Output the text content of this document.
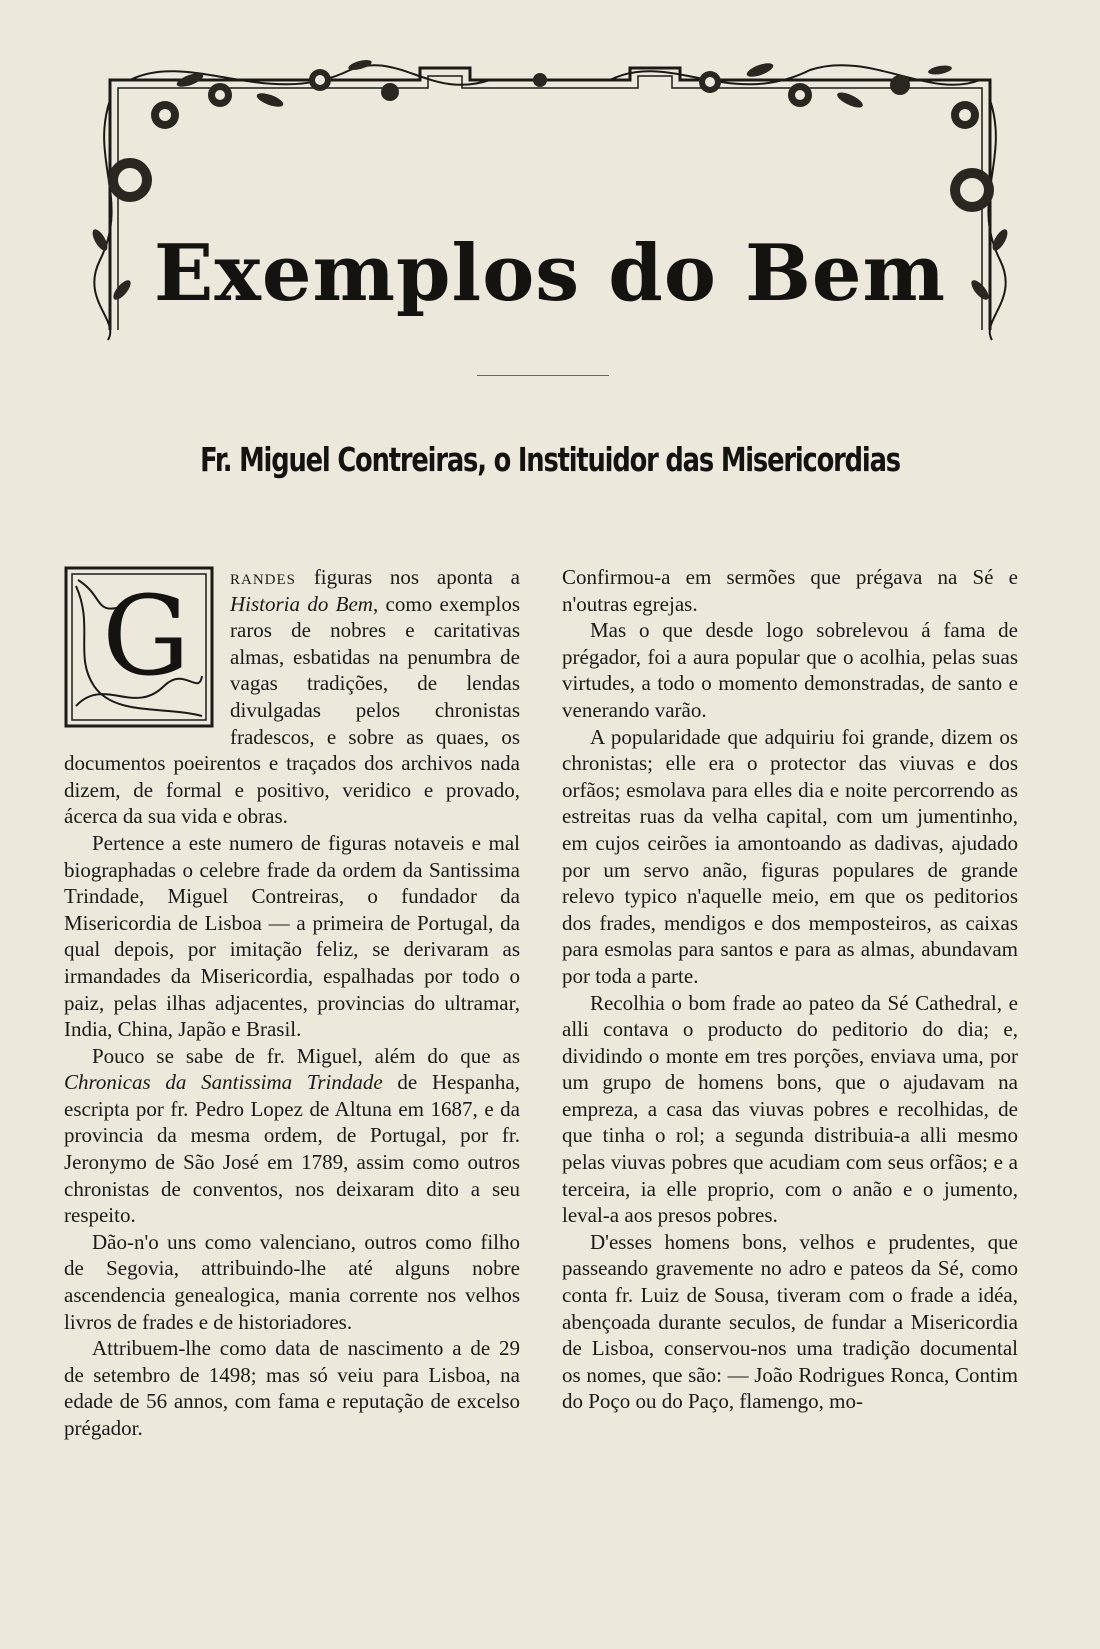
Exemplos do Bem
Fr. Miguel Contreiras, o Instituidor das Misericordias

G randes figuras nos aponta a Historia do Bem, como exemplos raros de nobres e caritativas almas, esbatidas na penumbra de vagas tradições, de lendas divulgadas pelos chronistas fradescos, e sobre as quaes, os documentos poeirentos e traçados dos archivos nada dizem, de formal e positivo, veridico e provado, ácerca da sua vida e obras.

Pertence a este numero de figuras notaveis e mal biographadas o celebre frade da ordem da Santissima Trindade, Miguel Contreiras, o fundador da Misericordia de Lisboa — a primeira de Portugal, da qual depois, por imitação feliz, se derivaram as irmandades da Misericordia, espalhadas por todo o paiz, pelas ilhas adjacentes, provincias do ultramar, India, China, Japão e Brasil.

Pouco se sabe de fr. Miguel, além do que as Chronicas da Santissima Trindade de Hespanha, escripta por fr. Pedro Lopez de Altuna em 1687, e da provincia da mesma ordem, de Portugal, por fr. Jeronymo de São José em 1789, assim como outros chronistas de conventos, nos deixaram dito a seu respeito.

Dão-n'o uns como valenciano, outros como filho de Segovia, attribuindo-lhe até alguns nobre ascendencia genealogica, mania corrente nos velhos livros de frades e de historiadores.

Attribuem-lhe como data de nascimento a de 29 de setembro de 1498; mas só veiu para Lisboa, na edade de 56 annos, com fama e reputação de excelso prégador.

Confirmou-a em sermões que prégava na Sé e n'outras egrejas.

Mas o que desde logo sobrelevou á fama de prégador, foi a aura popular que o acolhia, pelas suas virtudes, a todo o momento demonstradas, de santo e venerando varão.

A popularidade que adquiriu foi grande, dizem os chronistas; elle era o protector das viuvas e dos orfãos; esmolava para elles dia e noite percorrendo as estreitas ruas da velha capital, com um jumentinho, em cujos ceirões ia amontoando as dadivas, ajudado por um servo anão, figuras populares de grande relevo typico n'aquelle meio, em que os peditorios dos frades, mendigos e dos memposteiros, as caixas para esmolas para santos e para as almas, abundavam por toda a parte.

Recolhia o bom frade ao pateo da Sé Cathedral, e alli contava o producto do peditorio do dia; e, dividindo o monte em tres porções, enviava uma, por um grupo de homens bons, que o ajudavam na empreza, a casa das viuvas pobres e recolhidas, de que tinha o rol; a segunda distribuia-a alli mesmo pelas viuvas pobres que acudiam com seus orfãos; e a terceira, ia elle proprio, com o anão e o jumento, leval-a aos presos pobres.

D'esses homens bons, velhos e prudentes, que passeando gravemente no adro e pateos da Sé, como conta fr. Luiz de Sousa, tiveram com o frade a idéa, abençoada durante seculos, de fundar a Misericordia de Lisboa, conservou-nos uma tradição documental os nomes, que são: — João Rodrigues Ronca, Contim do Poço ou do Paço, flamengo, mo-
